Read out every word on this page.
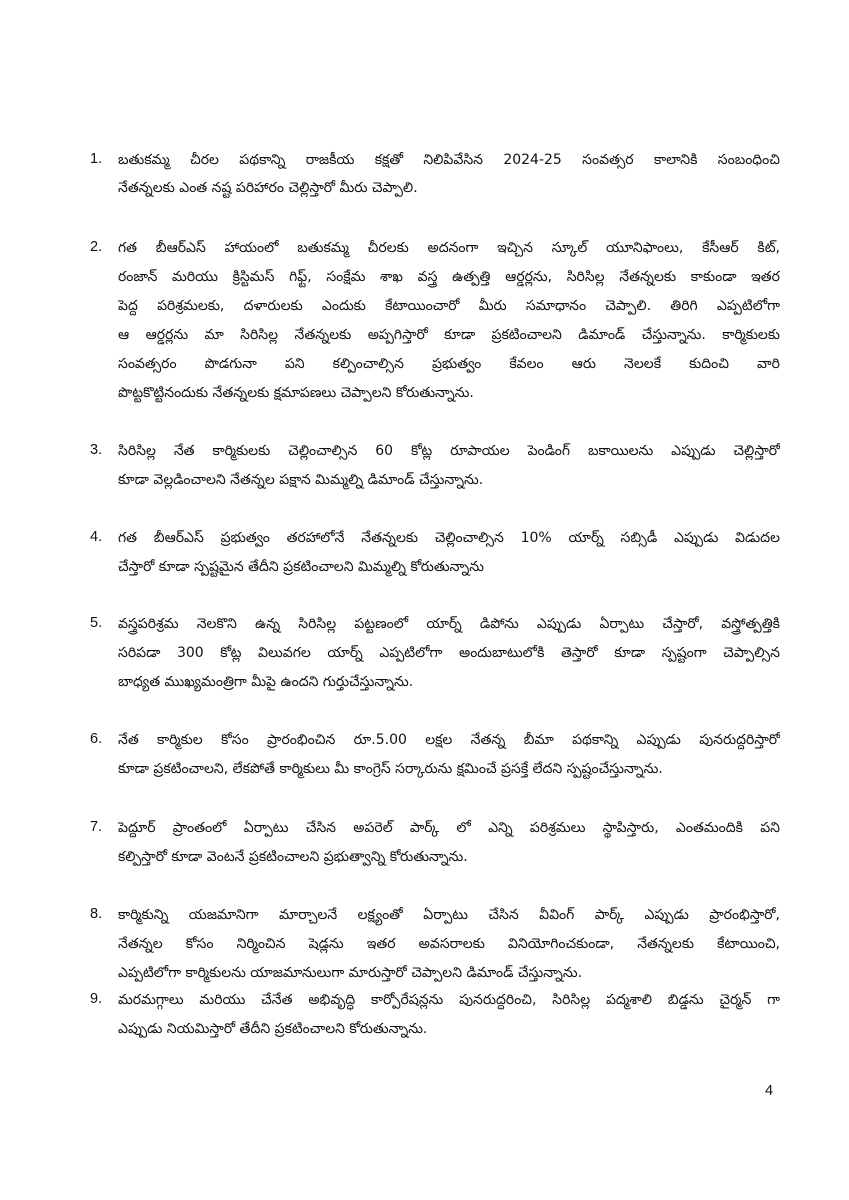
1.	బతుకమ్మ చీరల పథకాన్ని రాజకీయ కక్షతో నిలిపివేసిన 2024-25 సంవత్సర కాలానికి సంబంధించి
నేతన్నలకు ఎంత నష్ట పరిహారం చెల్లిస్తారో మీరు చెప్పాలి.
2.	గత బీఆర్ఎస్ హాయంలో బతుకమ్మ చీరలకు అదనంగా ఇచ్చిన స్కూల్ యూనిఫాంలు, కేసీఆర్ కిట్,
రంజాన్ మరియు క్రిస్టిమస్ గిఫ్ట్, సంక్షేమ శాఖ వస్త్ర ఉత్పత్తి ఆర్డర్లను, సిరిసిల్ల నేతన్నలకు కాకుండా ఇతర
పెద్ద పరిశ్రమలకు, దళారులకు ఎందుకు కేటాయించారో మీరు సమాధానం చెప్పాలి. తిరిగి ఎప్పటిలోగా
ఆ ఆర్డర్లను మా సిరిసిల్ల నేతన్నలకు అప్పగిస్తారో కూడా ప్రకటించాలని డిమాండ్ చేస్తున్నాను. కార్మికులకు
సంవత్సరం పొడగునా పని కల్పించాల్సిన ప్రభుత్వం కేవలం ఆరు నెలలకే కుదించి వారి
పొట్టకొట్టినందుకు నేతన్నలకు క్షమాపణలు చెప్పాలని కోరుతున్నాను.
3.	సిరిసిల్ల నేత కార్మికులకు చెల్లించాల్సిన 60 కోట్ల రూపాయల పెండింగ్ బకాయిలను ఎప్పుడు చెల్లిస్తారో
కూడా వెల్లడించాలని నేతన్నల పక్షాన మిమ్మల్ని డిమాండ్ చేస్తున్నాను.
4.	గత బీఆర్ఎస్ ప్రభుత్వం తరహాలోనే నేతన్నలకు చెల్లించాల్సిన 10% యార్న్ సబ్సిడీ ఎప్పుడు విడుదల
చేస్తారో కూడా స్పష్టమైన తేదీని ప్రకటించాలని మిమ్మల్ని కోరుతున్నాను
5.	వస్త్రపరిశ్రమ నెలకొని ఉన్న సిరిసిల్ల పట్టణంలో యార్న్ డిపోను ఎప్పుడు ఏర్పాటు చేస్తారో, వస్త్రోత్పత్తికి
సరిపడా 300 కోట్ల విలువగల యార్న్ ఎప్పటిలోగా అందుబాటులోకి తెస్తారో కూడా స్పష్టంగా చెప్పాల్సిన
బాధ్యత ముఖ్యమంత్రిగా మీపై ఉందని గుర్తుచేస్తున్నాను.
6.	నేత కార్మికుల కోసం ప్రారంభించిన రూ.5.00 లక్షల నేతన్న బీమా పథకాన్ని ఎప్పుడు పునరుద్దరిస్తారో
కూడా ప్రకటించాలని, లేకపోతే కార్మికులు మీ కాంగ్రెస్ సర్కారును క్షమించే ప్రసక్తే లేదని స్పష్టంచేస్తున్నాను.
7.	పెద్దూర్ ప్రాంతంలో ఏర్పాటు చేసిన అపరెల్ పార్క్ లో ఎన్ని పరిశ్రమలు స్థాపిస్తారు, ఎంతమందికి పని
కల్పిస్తారో కూడా వెంటనే ప్రకటించాలని ప్రభుత్వాన్ని కోరుతున్నాను.
8.	కార్మికున్ని యజమానిగా మార్చాలనే లక్ష్యంతో ఏర్పాటు చేసిన వీవింగ్ పార్క్ ఎప్పుడు ప్రారంభిస్తారో,
నేతన్నల కోసం నిర్మించిన షెడ్లను ఇతర అవసరాలకు వినియోగించకుండా, నేతన్నలకు కేటాయించి,
ఎప్పటిలోగా కార్మికులను యాజమానులుగా మారుస్తారో చెప్పాలని డిమాండ్ చేస్తున్నాను.
9.	మరమగ్గాలు మరియు చేనేత అభివృద్ధి కార్పోరేషన్లను పునరుద్దరించి, సిరిసిల్ల పద్మశాలి బిడ్డను చైర్మన్ గా
ఎప్పుడు నియమిస్తారో తేదీని ప్రకటించాలని కోరుతున్నాను.
4
